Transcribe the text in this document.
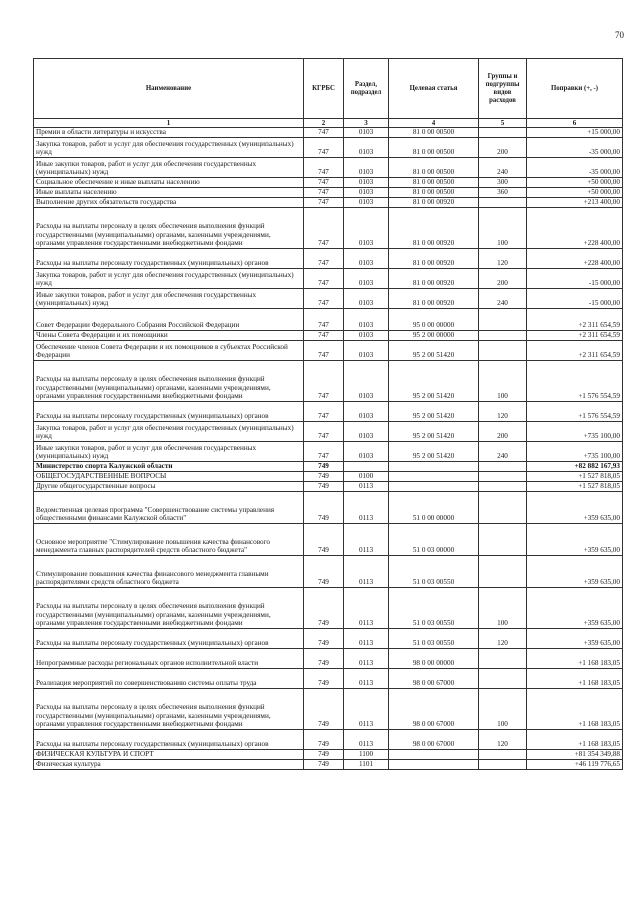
70
Наименование	КГРБС	Раздел, подраздел	Целевая статья	Группы и подгруппы видов расходов	Поправки (+, -)
1	2	3	4	5	6
Премии в области литературы и искусства	747	0103	81 0 00 00500		+15 000,00
Закупка товаров, работ и услуг для обеспечения государственных (муниципальных) нужд	747	0103	81 0 00 00500	200	-35 000,00
Иные закупки товаров, работ и услуг для обеспечения государственных (муниципальных) нужд	747	0103	81 0 00 00500	240	-35 000,00
Социальное обеспечение и иные выплаты населению	747	0103	81 0 00 00500	300	+50 000,00
Иные выплаты населению	747	0103	81 0 00 00500	360	+50 000,00
Выполнение других обязательств государства	747	0103	81 0 00 00920		+213 400,00
Расходы на выплаты персоналу в целях обеспечения выполнения функций государственными (муниципальными) органами, казенными учреждениями, органами управления государственными внебюджетными фондами	747	0103	81 0 00 00920	100	+228 400,00
Расходы на выплаты персоналу государственных (муниципальных) органов	747	0103	81 0 00 00920	120	+228 400,00
Закупка товаров, работ и услуг для обеспечения государственных (муниципальных) нужд	747	0103	81 0 00 00920	200	-15 000,00
Иные закупки товаров, работ и услуг для обеспечения государственных (муниципальных) нужд	747	0103	81 0 00 00920	240	-15 000,00
Совет Федерации Федерального Собрания Российской Федерации	747	0103	95 0 00 00000		+2 311 654,59
Члены Совета Федерации и их помощники	747	0103	95 2 00 00000		+2 311 654,59
Обеспечение членов Совета Федерации и их помощников в субъектах Российской Федерации	747	0103	95 2 00 51420		+2 311 654,59
Расходы на выплаты персоналу в целях обеспечения выполнения функций государственными (муниципальными) органами, казенными учреждениями, органами управления государственными внебюджетными фондами	747	0103	95 2 00 51420	100	+1 576 554,59
Расходы на выплаты персоналу государственных (муниципальных) органов	747	0103	95 2 00 51420	120	+1 576 554,59
Закупка товаров, работ и услуг для обеспечения государственных (муниципальных) нужд	747	0103	95 2 00 51420	200	+735 100,00
Иные закупки товаров, работ и услуг для обеспечения государственных (муниципальных) нужд	747	0103	95 2 00 51420	240	+735 100,00
Министерство спорта Калужской области	749				+82 882 167,93
ОБЩЕГОСУДАРСТВЕННЫЕ ВОПРОСЫ	749	0100			+1 527 818,05
Другие общегосударственные вопросы	749	0113			+1 527 818,05
Ведомственная целевая программа "Совершенствование системы управления общественными финансами Калужской области"	749	0113	51 0 00 00000		+359 635,00
Основное мероприятие "Стимулирование повышения качества финансового менеджмента главных распорядителей средств областного бюджета"	749	0113	51 0 03 00000		+359 635,00
Стимулирование повышения качества финансового менеджмента главными распорядителями средств областного бюджета	749	0113	51 0 03 00550		+359 635,00
Расходы на выплаты персоналу в целях обеспечения выполнения функций государственными (муниципальными) органами, казенными учреждениями, органами управления государственными внебюджетными фондами	749	0113	51 0 03 00550	100	+359 635,00
Расходы на выплаты персоналу государственных (муниципальных) органов	749	0113	51 0 03 00550	120	+359 635,00
Непрограммные расходы региональных органов исполнительной власти	749	0113	98 0 00 00000		+1 168 183,05
Реализация мероприятий по совершенствованию системы оплаты труда	749	0113	98 0 00 67000		+1 168 183,05
Расходы на выплаты персоналу в целях обеспечения выполнения функций государственными (муниципальными) органами, казенными учреждениями, органами управления государственными внебюджетными фондами	749	0113	98 0 00 67000	100	+1 168 183,05
Расходы на выплаты персоналу государственных (муниципальных) органов	749	0113	98 0 00 67000	120	+1 168 183,05
ФИЗИЧЕСКАЯ КУЛЬТУРА И СПОРТ	749	1100			+81 354 349,88
Физическая культура	749	1101			+46 119 776,65
